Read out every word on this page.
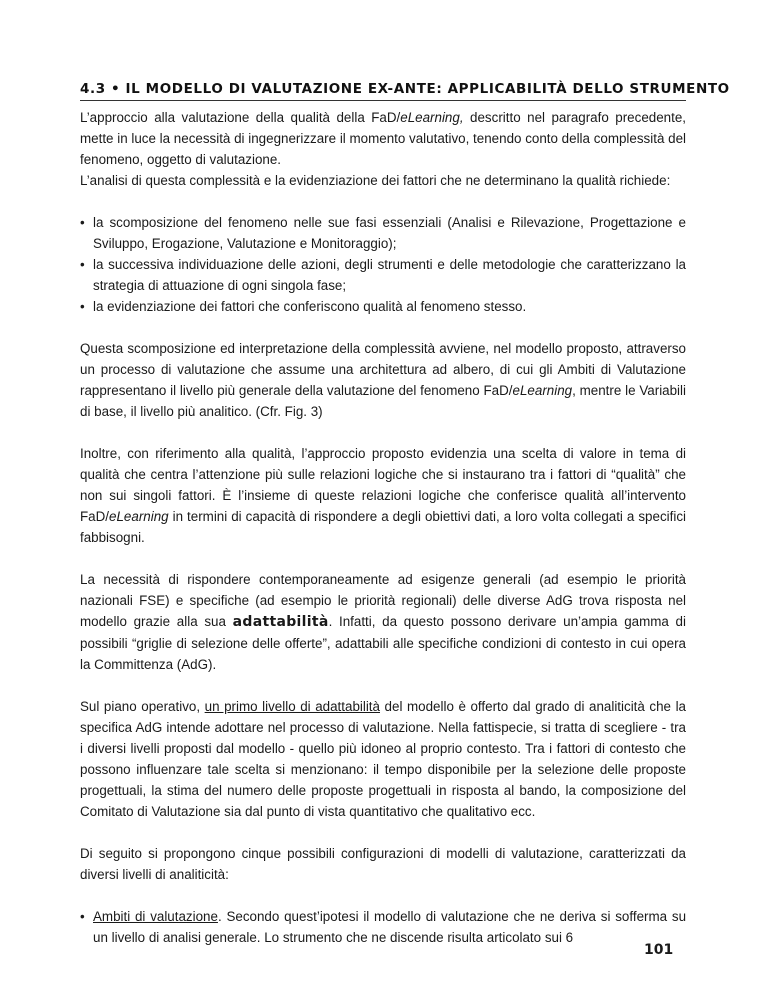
4.3 • IL MODELLO DI VALUTAZIONE EX-ANTE: APPLICABILITÀ DELLO STRUMENTO

L’approccio alla valutazione della qualità della FaD/eLearning, descritto nel paragrafo precedente, mette in luce la necessità di ingegnerizzare il momento valutativo, tenendo conto della complessità del fenomeno, oggetto di valutazione.

L’analisi di questa complessità e la evidenziazione dei fattori che ne determinano la qualità richiede:

• la scomposizione del fenomeno nelle sue fasi essenziali (Analisi e Rilevazione, Progettazione e Sviluppo, Erogazione, Valutazione e Monitoraggio);
• la successiva individuazione delle azioni, degli strumenti e delle metodologie che caratterizzano la strategia di attuazione di ogni singola fase;
• la evidenziazione dei fattori che conferiscono qualità al fenomeno stesso.

Questa scomposizione ed interpretazione della complessità avviene, nel modello proposto, attraverso un processo di valutazione che assume una architettura ad albero, di cui gli Ambiti di Valutazione rappresentano il livello più generale della valutazione del fenomeno FaD/eLearning, mentre le Variabili di base, il livello più analitico. (Cfr. Fig. 3)

Inoltre, con riferimento alla qualità, l’approccio proposto evidenzia una scelta di valore in tema di qualità che centra l’attenzione più sulle relazioni logiche che si instaurano tra i fattori di “qualità” che non sui singoli fattori. È l’insieme di queste relazioni logiche che conferisce qualità all’intervento FaD/eLearning in termini di capacità di rispondere a degli obiettivi dati, a loro volta collegati a specifici fabbisogni.

La necessità di rispondere contemporaneamente ad esigenze generali (ad esempio le priorità nazionali FSE) e specifiche (ad esempio le priorità regionali) delle diverse AdG trova risposta nel modello grazie alla sua adattabilità. Infatti, da questo possono derivare un’ampia gamma di possibili “griglie di selezione delle offerte”, adattabili alle specifiche condizioni di contesto in cui opera la Committenza (AdG).

Sul piano operativo, un primo livello di adattabilità del modello è offerto dal grado di analiticità che la specifica AdG intende adottare nel processo di valutazione. Nella fattispecie, si tratta di scegliere - tra i diversi livelli proposti dal modello - quello più idoneo al proprio contesto. Tra i fattori di contesto che possono influenzare tale scelta si menzionano: il tempo disponibile per la selezione delle proposte progettuali, la stima del numero delle proposte progettuali in risposta al bando, la composizione del Comitato di Valutazione sia dal punto di vista quantitativo che qualitativo ecc.

Di seguito si propongono cinque possibili configurazioni di modelli di valutazione, caratterizzati da diversi livelli di analiticità:

• Ambiti di valutazione. Secondo quest’ipotesi il modello di valutazione che ne deriva si sofferma su un livello di analisi generale. Lo strumento che ne discende risulta articolato sui 6
101
